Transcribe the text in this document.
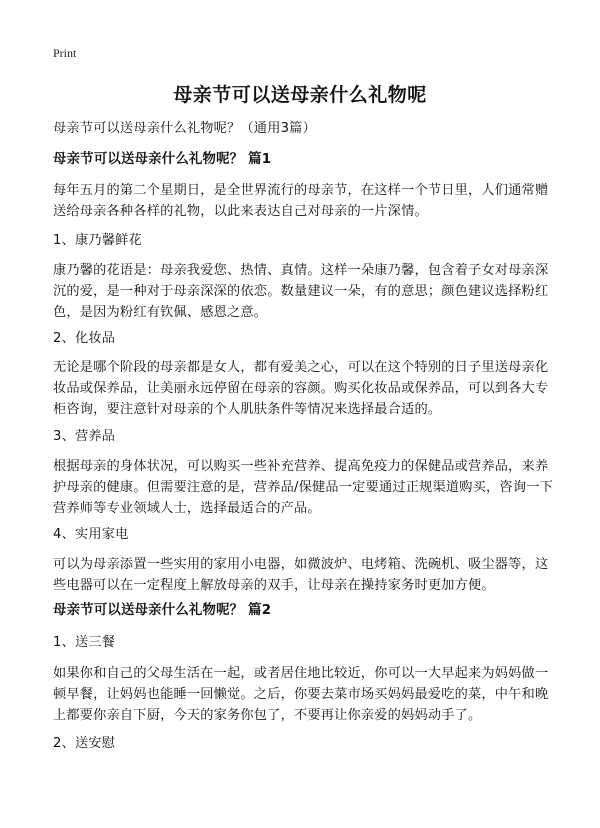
Print
母亲节可以送母亲什么礼物呢
母亲节可以送母亲什么礼物呢？（通用3篇）
母亲节可以送母亲什么礼物呢？ 篇1
每年五月的第二个星期日，是全世界流行的母亲节，在这样一个节日里，人们通常赠送给母亲各种各样的礼物，以此来表达自己对母亲的一片深情。
1、康乃馨鲜花
康乃馨的花语是：母亲我爱您、热情、真情。这样一朵康乃馨，包含着子女对母亲深沉的爱，是一种对于母亲深深的依恋。数量建议一朵，有的意思；颜色建议选择粉红色，是因为粉红有钦佩、感恩之意。
2、化妆品
无论是哪个阶段的母亲都是女人，都有爱美之心，可以在这个特别的日子里送母亲化妆品或保养品，让美丽永远停留在母亲的容颜。购买化妆品或保养品，可以到各大专柜咨询，要注意针对母亲的个人肌肤条件等情况来选择最合适的。
3、营养品
根据母亲的身体状况，可以购买一些补充营养、提高免疫力的保健品或营养品，来养护母亲的健康。但需要注意的是，营养品/保健品一定要通过正规渠道购买，咨询一下营养师等专业领域人士，选择最适合的产品。
4、实用家电
可以为母亲添置一些实用的家用小电器，如微波炉、电烤箱、洗碗机、吸尘器等，这些电器可以在一定程度上解放母亲的双手，让母亲在操持家务时更加方便。
母亲节可以送母亲什么礼物呢？ 篇2
1、送三餐
如果你和自己的父母生活在一起，或者居住地比较近，你可以一大早起来为妈妈做一顿早餐，让妈妈也能睡一回懒觉。之后，你要去菜市场买妈妈最爱吃的菜，中午和晚上都要你亲自下厨，今天的家务你包了，不要再让你亲爱的妈妈动手了。
2、送安慰
